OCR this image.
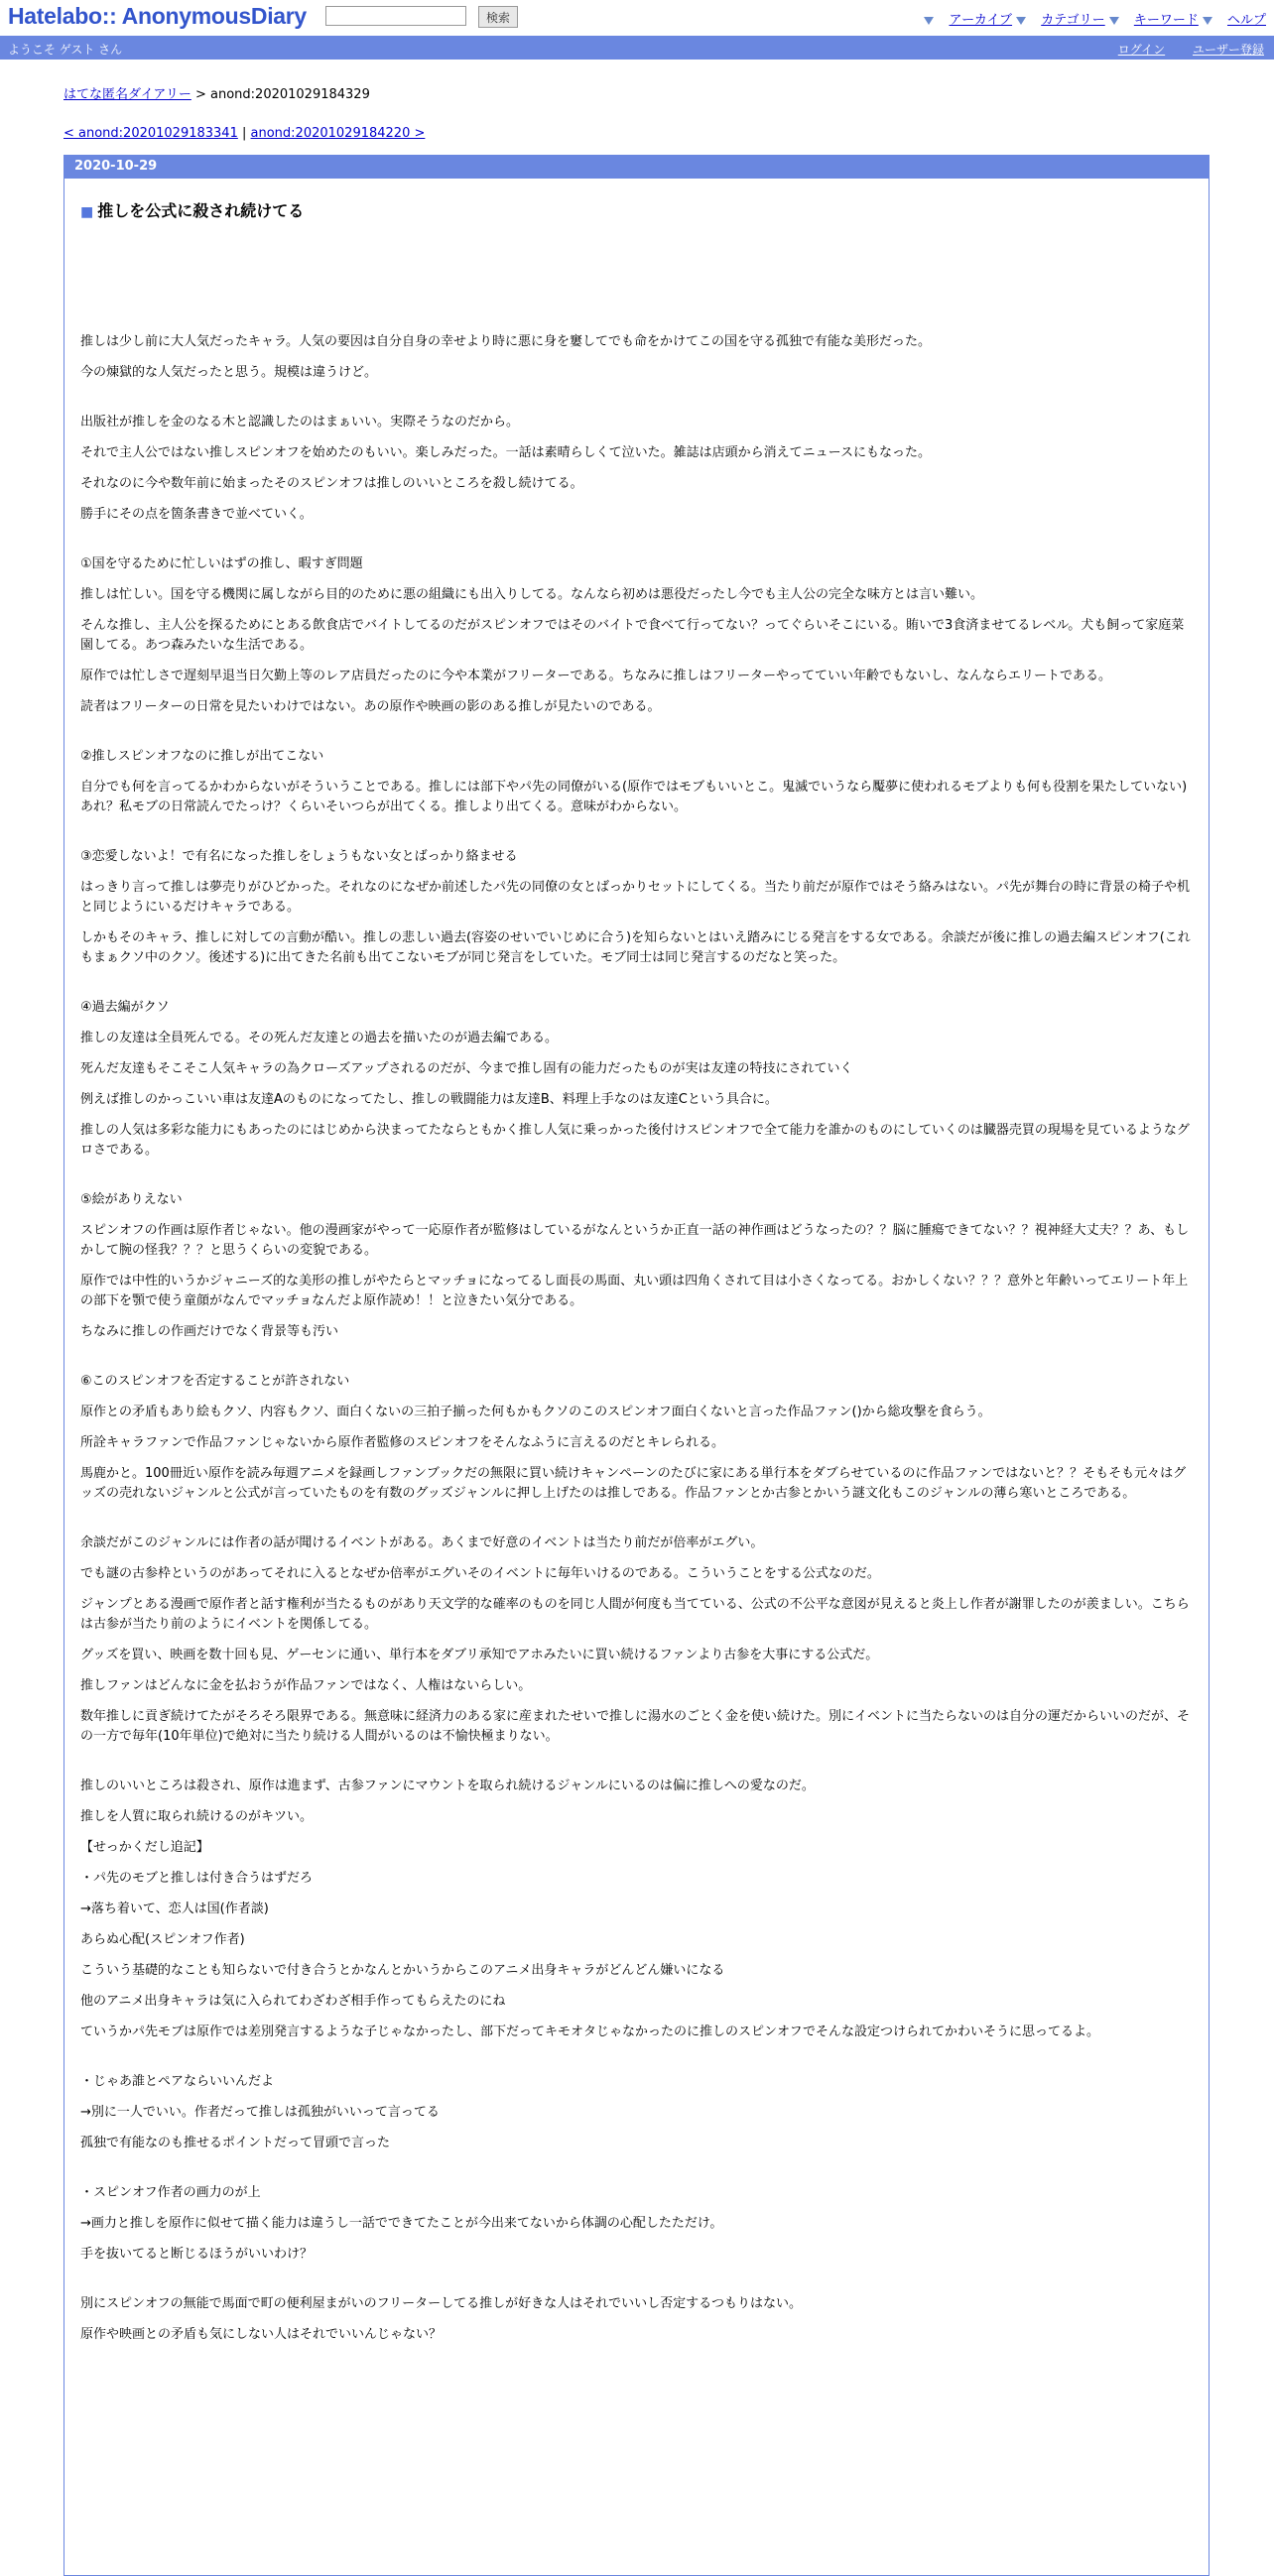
Hatelabo:: AnonymousDiary	検索	アーカイブ カテゴリー キーワード ヘルプ
ようこそ ゲスト さん	ログイン ユーザー登録
はてな匿名ダイアリー > anond:20201029184329
< anond:20201029183341 | anond:20201029184220 >
2020-10-29
■ 推しを公式に殺され続けてる

推しは少し前に大人気だったキャラ。人気の要因は自分自身の幸せより時に悪に身を窶してでも命をかけてこの国を守る孤独で有能な美形だった。

今の煉獄的な人気だったと思う。規模は違うけど。

出版社が推しを金のなる木と認識したのはまぁいい。実際そうなのだから。

それで主人公ではない推しスピンオフを始めたのもいい。楽しみだった。一話は素晴らしくて泣いた。雑誌は店頭から消えてニュースにもなった。

それなのに今や数年前に始まったそのスピンオフは推しのいいところを殺し続けてる。

勝手にその点を箇条書きで並べていく。

①国を守るために忙しいはずの推し、暇すぎ問題

推しは忙しい。国を守る機関に属しながら目的のために悪の組織にも出入りしてる。なんなら初めは悪役だったし今でも主人公の完全な味方とは言い難い。

そんな推し、主人公を探るためにとある飲食店でバイトしてるのだがスピンオフではそのバイトで食べて行ってない？ってぐらいそこにいる。賄いで3食済ませてるレベル。犬も飼って家庭菜園してる。あつ森みたいな生活である。

原作では忙しさで遅刻早退当日欠勤上等のレア店員だったのに今や本業がフリーターである。ちなみに推しはフリーターやってていい年齢でもないし、なんならエリートである。

読者はフリーターの日常を見たいわけではない。あの原作や映画の影のある推しが見たいのである。

②推しスピンオフなのに推しが出てこない

自分でも何を言ってるかわからないがそういうことである。推しには部下やパ先の同僚がいる(原作ではモブもいいとこ。鬼滅でいうなら魘夢に使われるモブよりも何も役割を果たしていない)あれ？私モブの日常読んでたっけ？くらいそいつらが出てくる。推しより出てくる。意味がわからない。

③恋愛しないよ！で有名になった推しをしょうもない女とばっかり絡ませる

はっきり言って推しは夢売りがひどかった。それなのになぜか前述したパ先の同僚の女とばっかりセットにしてくる。当たり前だが原作ではそう絡みはない。パ先が舞台の時に背景の椅子や机と同じようにいるだけキャラである。

しかもそのキャラ、推しに対しての言動が酷い。推しの悲しい過去(容姿のせいでいじめに合う)を知らないとはいえ踏みにじる発言をする女である。余談だが後に推しの過去編スピンオフ(これもまぁクソ中のクソ。後述する)に出てきた名前も出てこないモブが同じ発言をしていた。モブ同士は同じ発言するのだなと笑った。

④過去編がクソ

推しの友達は全員死んでる。その死んだ友達との過去を描いたのが過去編である。

死んだ友達もそこそこ人気キャラの為クローズアップされるのだが、今まで推し固有の能力だったものが実は友達の特技にされていく

例えば推しのかっこいい車は友達Aのものになってたし、推しの戦闘能力は友達B、料理上手なのは友達Cという具合に。

推しの人気は多彩な能力にもあったのにはじめから決まってたならともかく推し人気に乗っかった後付けスピンオフで全て能力を誰かのものにしていくのは臓器売買の現場を見ているようなグロさである。

⑤絵がありえない

スピンオフの作画は原作者じゃない。他の漫画家がやって一応原作者が監修はしているがなんというか正直一話の神作画はどうなったの？？脳に腫瘍できてない？？視神経大丈夫？？あ、もしかして腕の怪我？？？と思うくらいの変貌である。

原作では中性的いうかジャニーズ的な美形の推しがやたらとマッチョになってるし面長の馬面、丸い頭は四角くされて目は小さくなってる。おかしくない？？？意外と年齢いってエリート年上の部下を顎で使う童顔がなんでマッチョなんだよ原作読め！！と泣きたい気分である。

ちなみに推しの作画だけでなく背景等も汚い

⑥このスピンオフを否定することが許されない

原作との矛盾もあり絵もクソ、内容もクソ、面白くないの三拍子揃った何もかもクソのこのスピンオフ面白くないと言った作品ファン()から総攻撃を食らう。

所詮キャラファンで作品ファンじゃないから原作者監修のスピンオフをそんなふうに言えるのだとキレられる。

馬鹿かと。100冊近い原作を読み毎週アニメを録画しファンブックだの無限に買い続けキャンペーンのたびに家にある単行本をダブらせているのに作品ファンではないと？？そもそも元々はグッズの売れないジャンルと公式が言っていたものを有数のグッズジャンルに押し上げたのは推しである。作品ファンとか古参とかいう謎文化もこのジャンルの薄ら寒いところである。

余談だがこのジャンルには作者の話が聞けるイベントがある。あくまで好意のイベントは当たり前だが倍率がエグい。

でも謎の古参枠というのがあってそれに入るとなぜか倍率がエグいそのイベントに毎年いけるのである。こういうことをする公式なのだ。

ジャンプとある漫画で原作者と話す権利が当たるものがあり天文学的な確率のものを同じ人間が何度も当てている、公式の不公平な意図が見えると炎上し作者が謝罪したのが羨ましい。こちらは古参が当たり前のようにイベントを関係してる。

グッズを買い、映画を数十回も見、ゲーセンに通い、単行本をダブリ承知でアホみたいに買い続けるファンより古参を大事にする公式だ。

推しファンはどんなに金を払おうが作品ファンではなく、人権はないらしい。

数年推しに貢ぎ続けてたがそろそろ限界である。無意味に経済力のある家に産まれたせいで推しに湯水のごとく金を使い続けた。別にイベントに当たらないのは自分の運だからいいのだが、その一方で毎年(10年単位)で絶対に当たり続ける人間がいるのは不愉快極まりない。

推しのいいところは殺され、原作は進まず、古参ファンにマウントを取られ続けるジャンルにいるのは偏に推しへの愛なのだ。

推しを人質に取られ続けるのがキツい。

【せっかくだし追記】

・パ先のモブと推しは付き合うはずだろ

→落ち着いて、恋人は国(作者談)

あらぬ心配(スピンオフ作者)

こういう基礎的なことも知らないで付き合うとかなんとかいうからこのアニメ出身キャラがどんどん嫌いになる

他のアニメ出身キャラは気に入られてわざわざ相手作ってもらえたのにね

ていうかパ先モブは原作では差別発言するような子じゃなかったし、部下だってキモオタじゃなかったのに推しのスピンオフでそんな設定つけられてかわいそうに思ってるよ。

・じゃあ誰とペアならいいんだよ

→別に一人でいい。作者だって推しは孤独がいいって言ってる

孤独で有能なのも推せるポイントだって冒頭で言った

・スピンオフ作者の画力のが上

→画力と推しを原作に似せて描く能力は違うし一話でできてたことが今出来てないから体調の心配したただけ。

手を抜いてると断じるほうがいいわけ？

別にスピンオフの無能で馬面で町の便利屋まがいのフリーターしてる推しが好きな人はそれでいいし否定するつもりはない。

原作や映画との矛盾も気にしない人はそれでいいんじゃない？
